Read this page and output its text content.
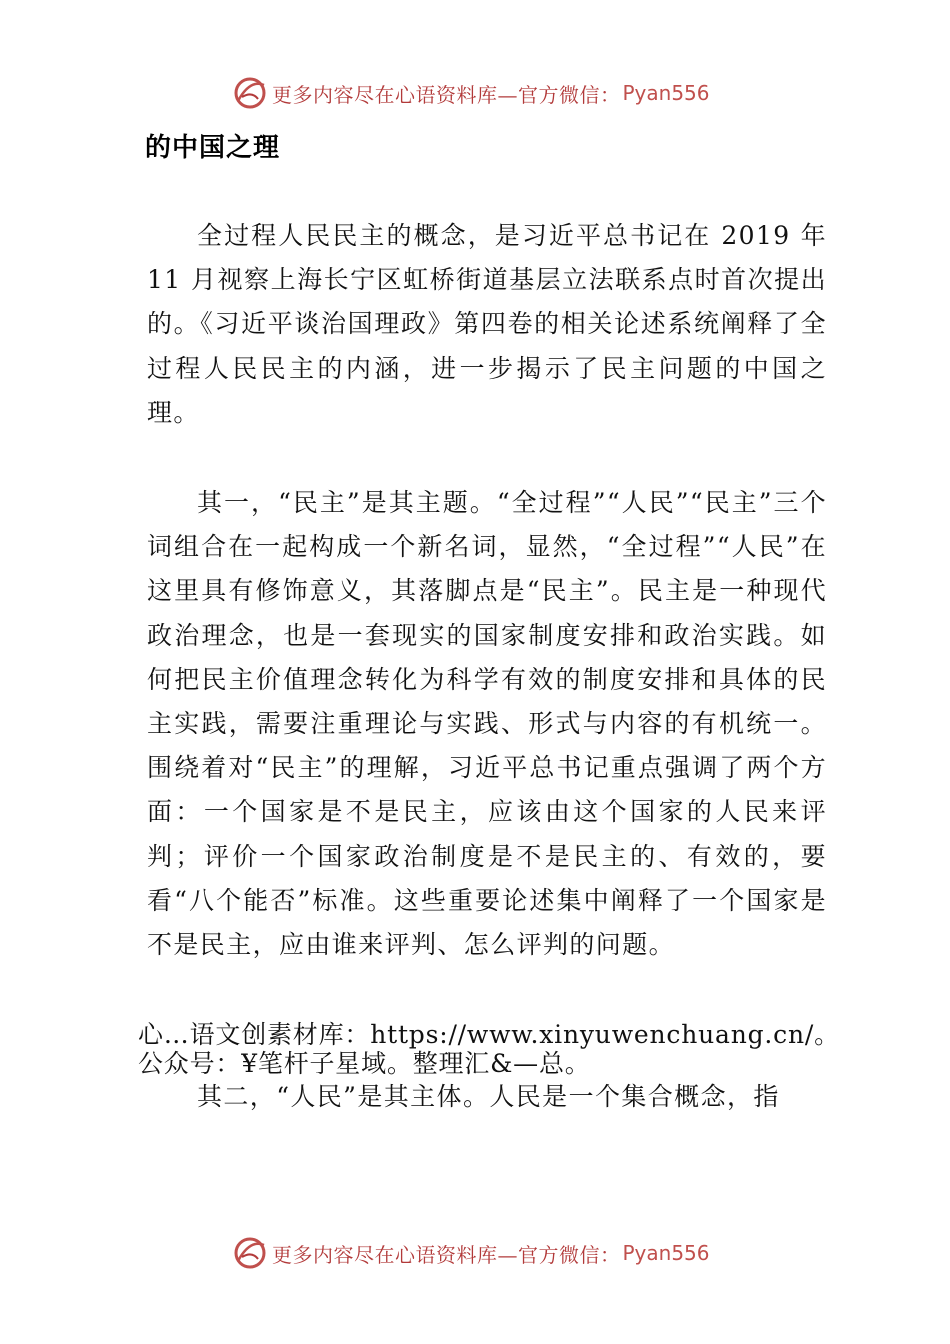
更多内容尽在心语资料库—官方微信： Pyan556
的中国之理

全过程人民民主的概念，是习近平总书记在 2019 年 11 月视察上海长宁区虹桥街道基层立法联系点时首次提出的。《习近平谈治国理政》第四卷的相关论述系统阐释了全过程人民民主的内涵，进一步揭示了民主问题的中国之理。

其一，“民主”是其主题。“全过程”“人民”“民主”三个词组合在一起构成一个新名词，显然，“全过程”“人民”在这里具有修饰意义，其落脚点是“民主”。民主是一种现代政治理念，也是一套现实的国家制度安排和政治实践。如何把民主价值理念转化为科学有效的制度安排和具体的民主实践，需要注重理论与实践、形式与内容的有机统一。围绕着对“民主”的理解，习近平总书记重点强调了两个方面：一个国家是不是民主，应该由这个国家的人民来评判；评价一个国家政治制度是不是民主的、有效的，要看“八个能否”标准。这些重要论述集中阐释了一个国家是不是民主，应由谁来评判、怎么评判的问题。

心…语文创素材库：https://www.xinyuwenchuang.cn/。

公众号：¥笔杆子星域。整理汇&—总。

其二，“人民”是其主体。人民是一个集合概念，指

更多内容尽在心语资料库—官方微信： Pyan556
